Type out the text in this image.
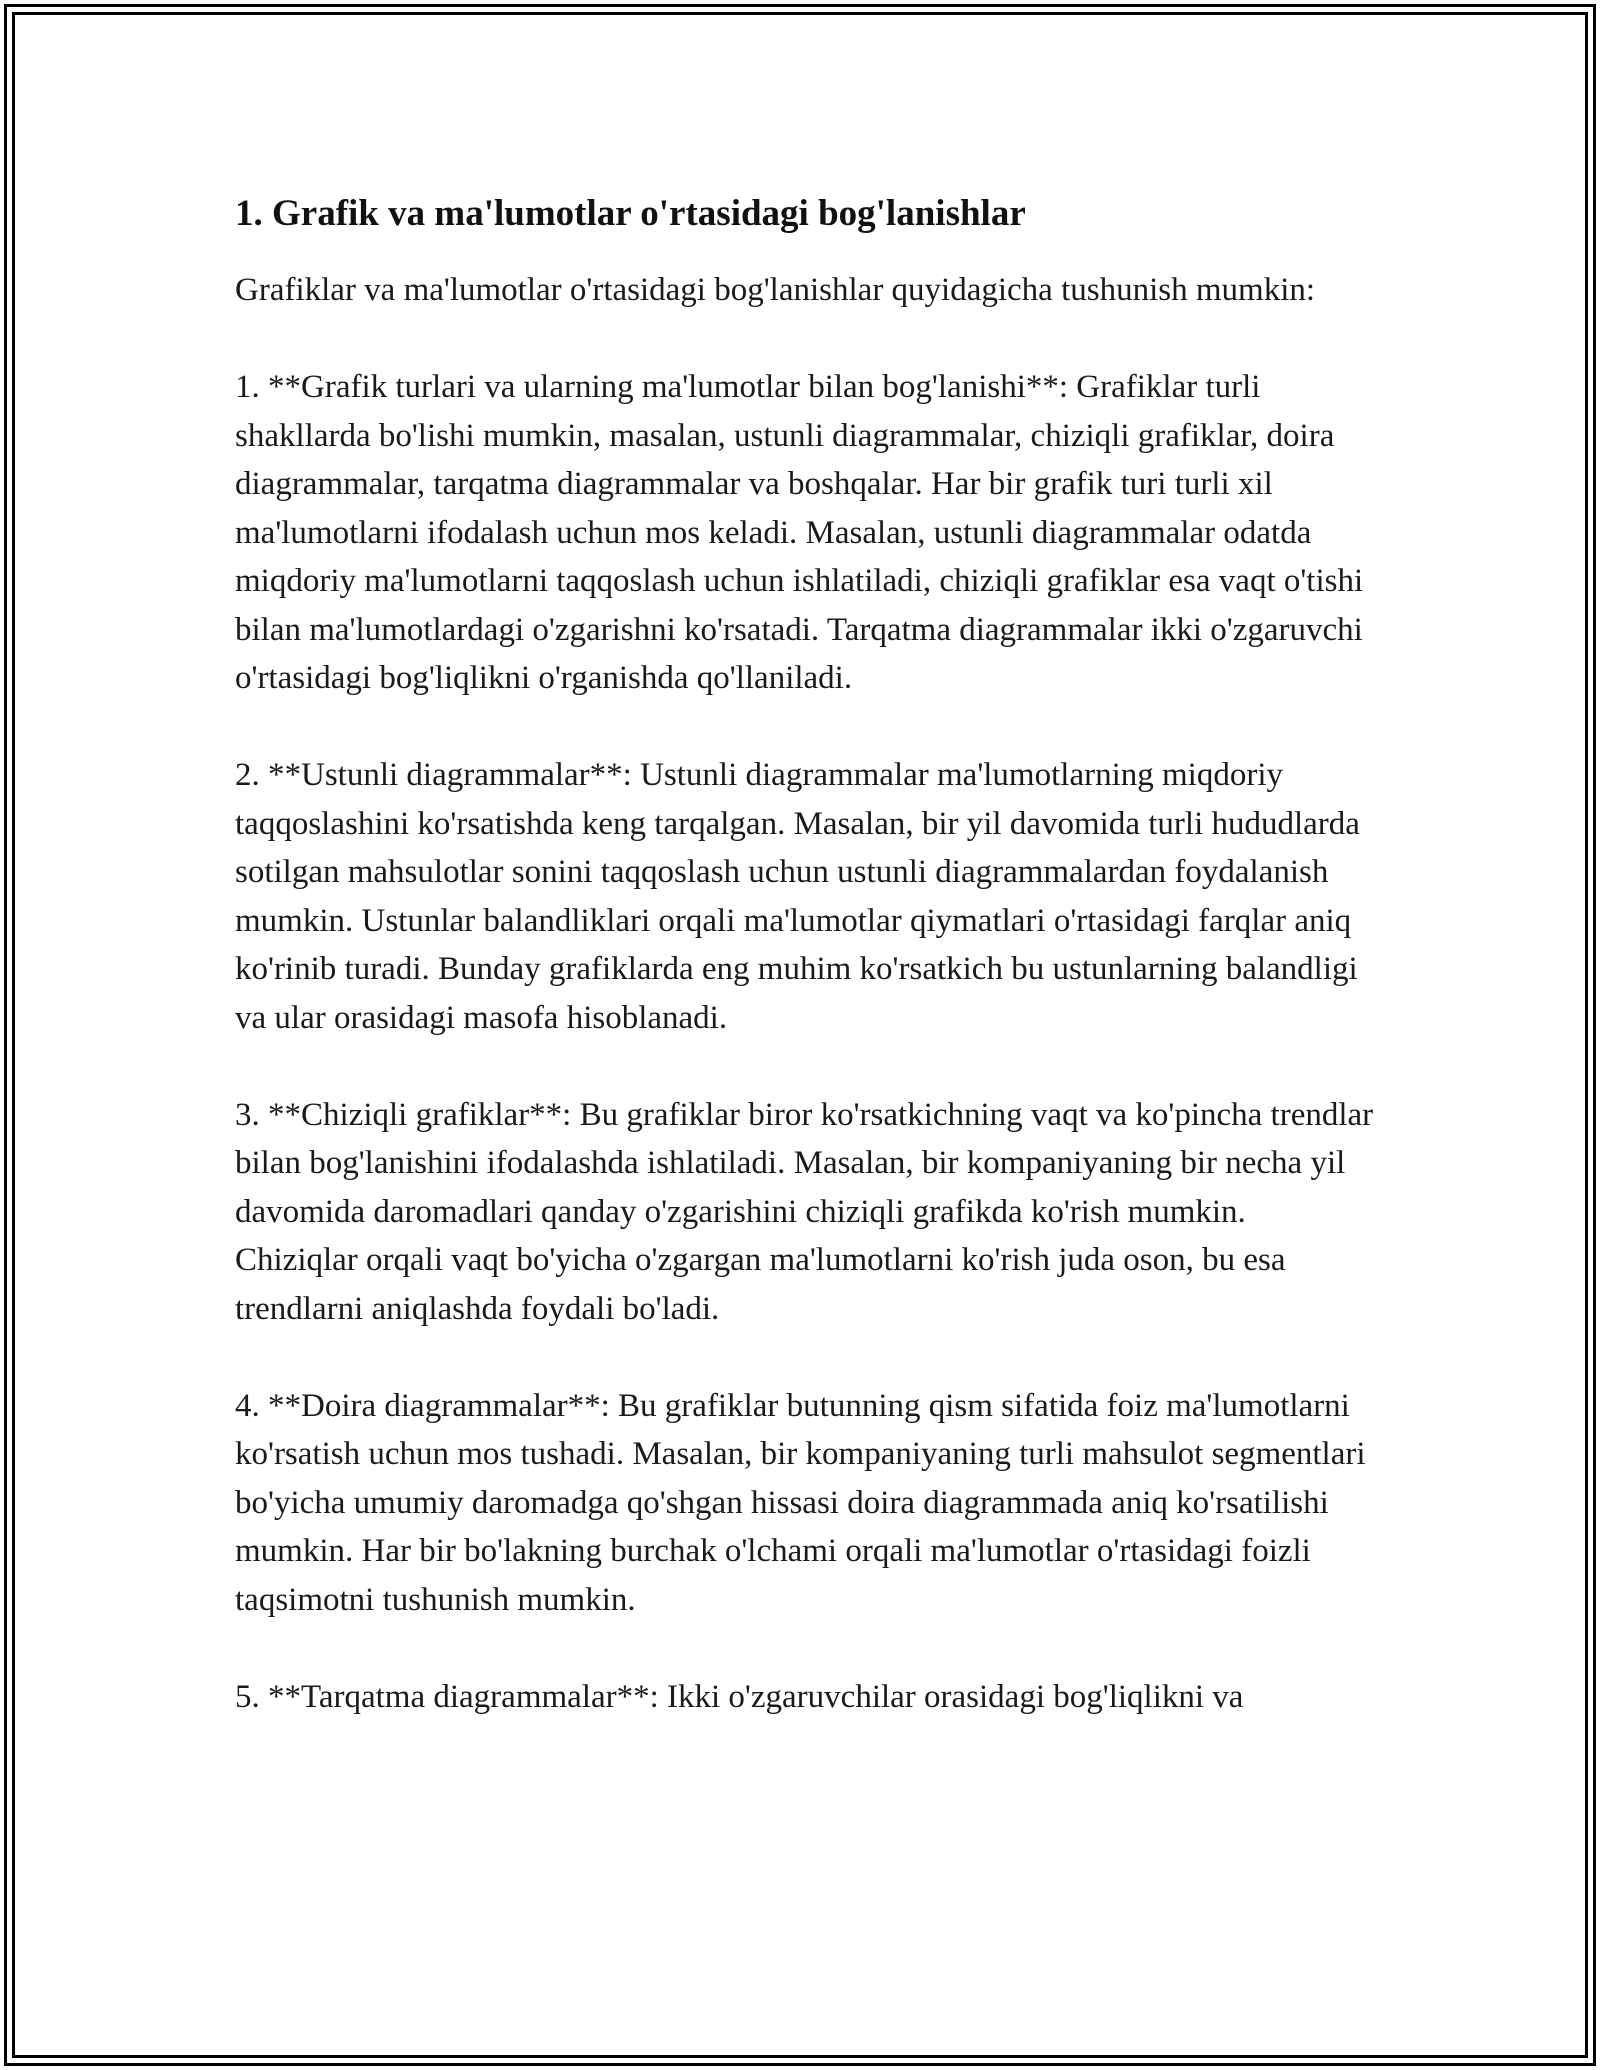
1. Grafik va ma'lumotlar o'rtasidagi bog'lanishlar

Grafiklar va ma'lumotlar o'rtasidagi bog'lanishlar quyidagicha tushunish mumkin:

1. **Grafik turlari va ularning ma'lumotlar bilan bog'lanishi**: Grafiklar turli shakllarda bo'lishi mumkin, masalan, ustunli diagrammalar, chiziqli grafiklar, doira diagrammalar, tarqatma diagrammalar va boshqalar. Har bir grafik turi turli xil ma'lumotlarni ifodalash uchun mos keladi. Masalan, ustunli diagrammalar odatda miqdoriy ma'lumotlarni taqqoslash uchun ishlatiladi, chiziqli grafiklar esa vaqt o'tishi bilan ma'lumotlardagi o'zgarishni ko'rsatadi. Tarqatma diagrammalar ikki o'zgaruvchi o'rtasidagi bog'liqlikni o'rganishda qo'llaniladi.

2. **Ustunli diagrammalar**: Ustunli diagrammalar ma'lumotlarning miqdoriy taqqoslashini ko'rsatishda keng tarqalgan. Masalan, bir yil davomida turli hududlarda sotilgan mahsulotlar sonini taqqoslash uchun ustunli diagrammalardan foydalanish mumkin. Ustunlar balandliklari orqali ma'lumotlar qiymatlari o'rtasidagi farqlar aniq ko'rinib turadi. Bunday grafiklarda eng muhim ko'rsatkich bu ustunlarning balandligi va ular orasidagi masofa hisoblanadi.

3. **Chiziqli grafiklar**: Bu grafiklar biror ko'rsatkichning vaqt va ko'pincha trendlar bilan bog'lanishini ifodalashda ishlatiladi. Masalan, bir kompaniyaning bir necha yil davomida daromadlari qanday o'zgarishini chiziqli grafikda ko'rish mumkin. Chiziqlar orqali vaqt bo'yicha o'zgargan ma'lumotlarni ko'rish juda oson, bu esa trendlarni aniqlashda foydali bo'ladi.

4. **Doira diagrammalar**: Bu grafiklar butunning qism sifatida foiz ma'lumotlarni ko'rsatish uchun mos tushadi. Masalan, bir kompaniyaning turli mahsulot segmentlari bo'yicha umumiy daromadga qo'shgan hissasi doira diagrammada aniq ko'rsatilishi mumkin. Har bir bo'lakning burchak o'lchami orqali ma'lumotlar o'rtasidagi foizli taqsimotni tushunish mumkin.

5. **Tarqatma diagrammalar**: Ikki o'zgaruvchilar orasidagi bog'liqlikni va
